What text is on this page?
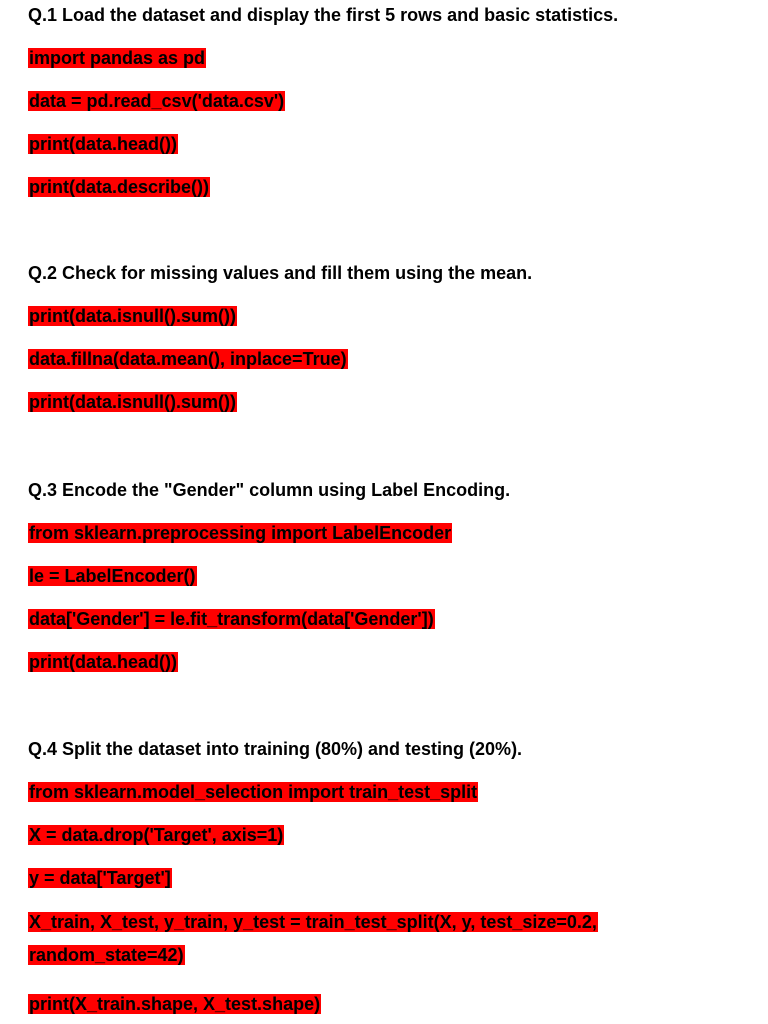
Q.1 Load the dataset and display the first 5 rows and basic statistics.

import pandas as pd
data = pd.read_csv('data.csv')
print(data.head())
print(data.describe())

Q.2 Check for missing values and fill them using the mean.

print(data.isnull().sum())
data.fillna(data.mean(), inplace=True)
print(data.isnull().sum())

Q.3 Encode the "Gender" column using Label Encoding.

from sklearn.preprocessing import LabelEncoder
le = LabelEncoder()
data['Gender'] = le.fit_transform(data['Gender'])
print(data.head())

Q.4 Split the dataset into training (80%) and testing (20%).

from sklearn.model_selection import train_test_split
X = data.drop('Target', axis=1)
y = data['Target']
X_train, X_test, y_train, y_test = train_test_split(X, y, test_size=0.2, random_state=42)
print(X_train.shape, X_test.shape)
